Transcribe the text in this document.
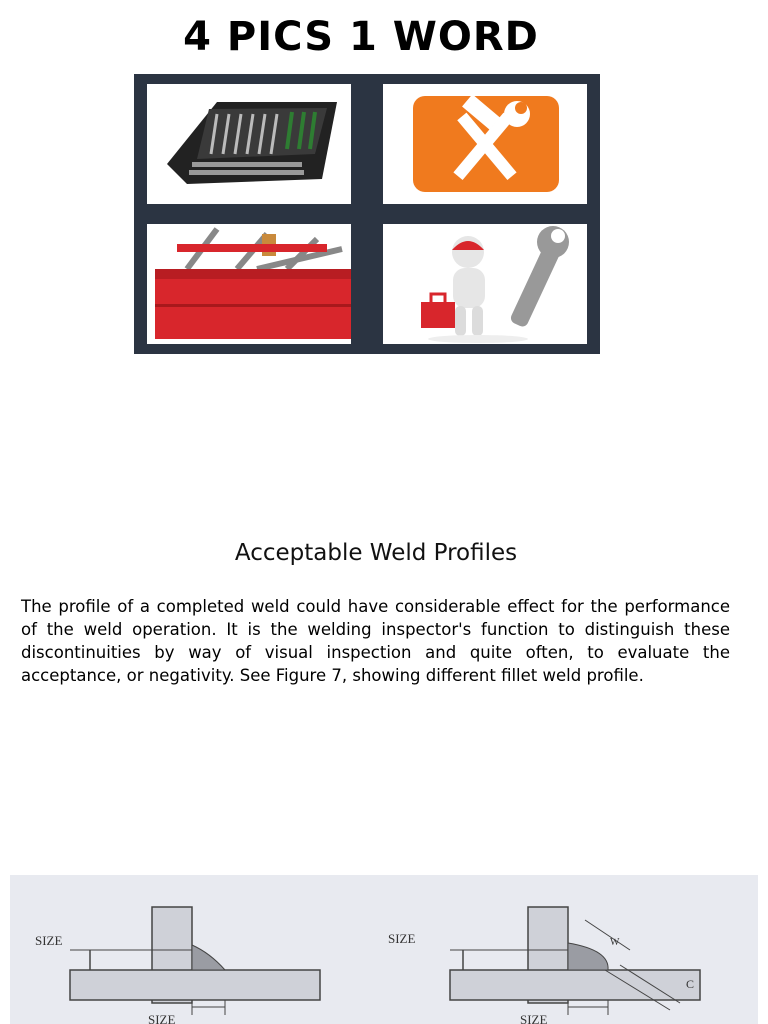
4 PICS 1 WORD
Acceptable Weld Profiles
The profile of a completed weld could have considerable effect for the performance of the weld operation. It is the welding inspector's function to distinguish these discontinuities by way of visual inspection and quite often, to evaluate the acceptance, or negativity. See Figure 7, showing different fillet weld profile.
SIZE
SIZE
SIZE	W
C
SIZE
